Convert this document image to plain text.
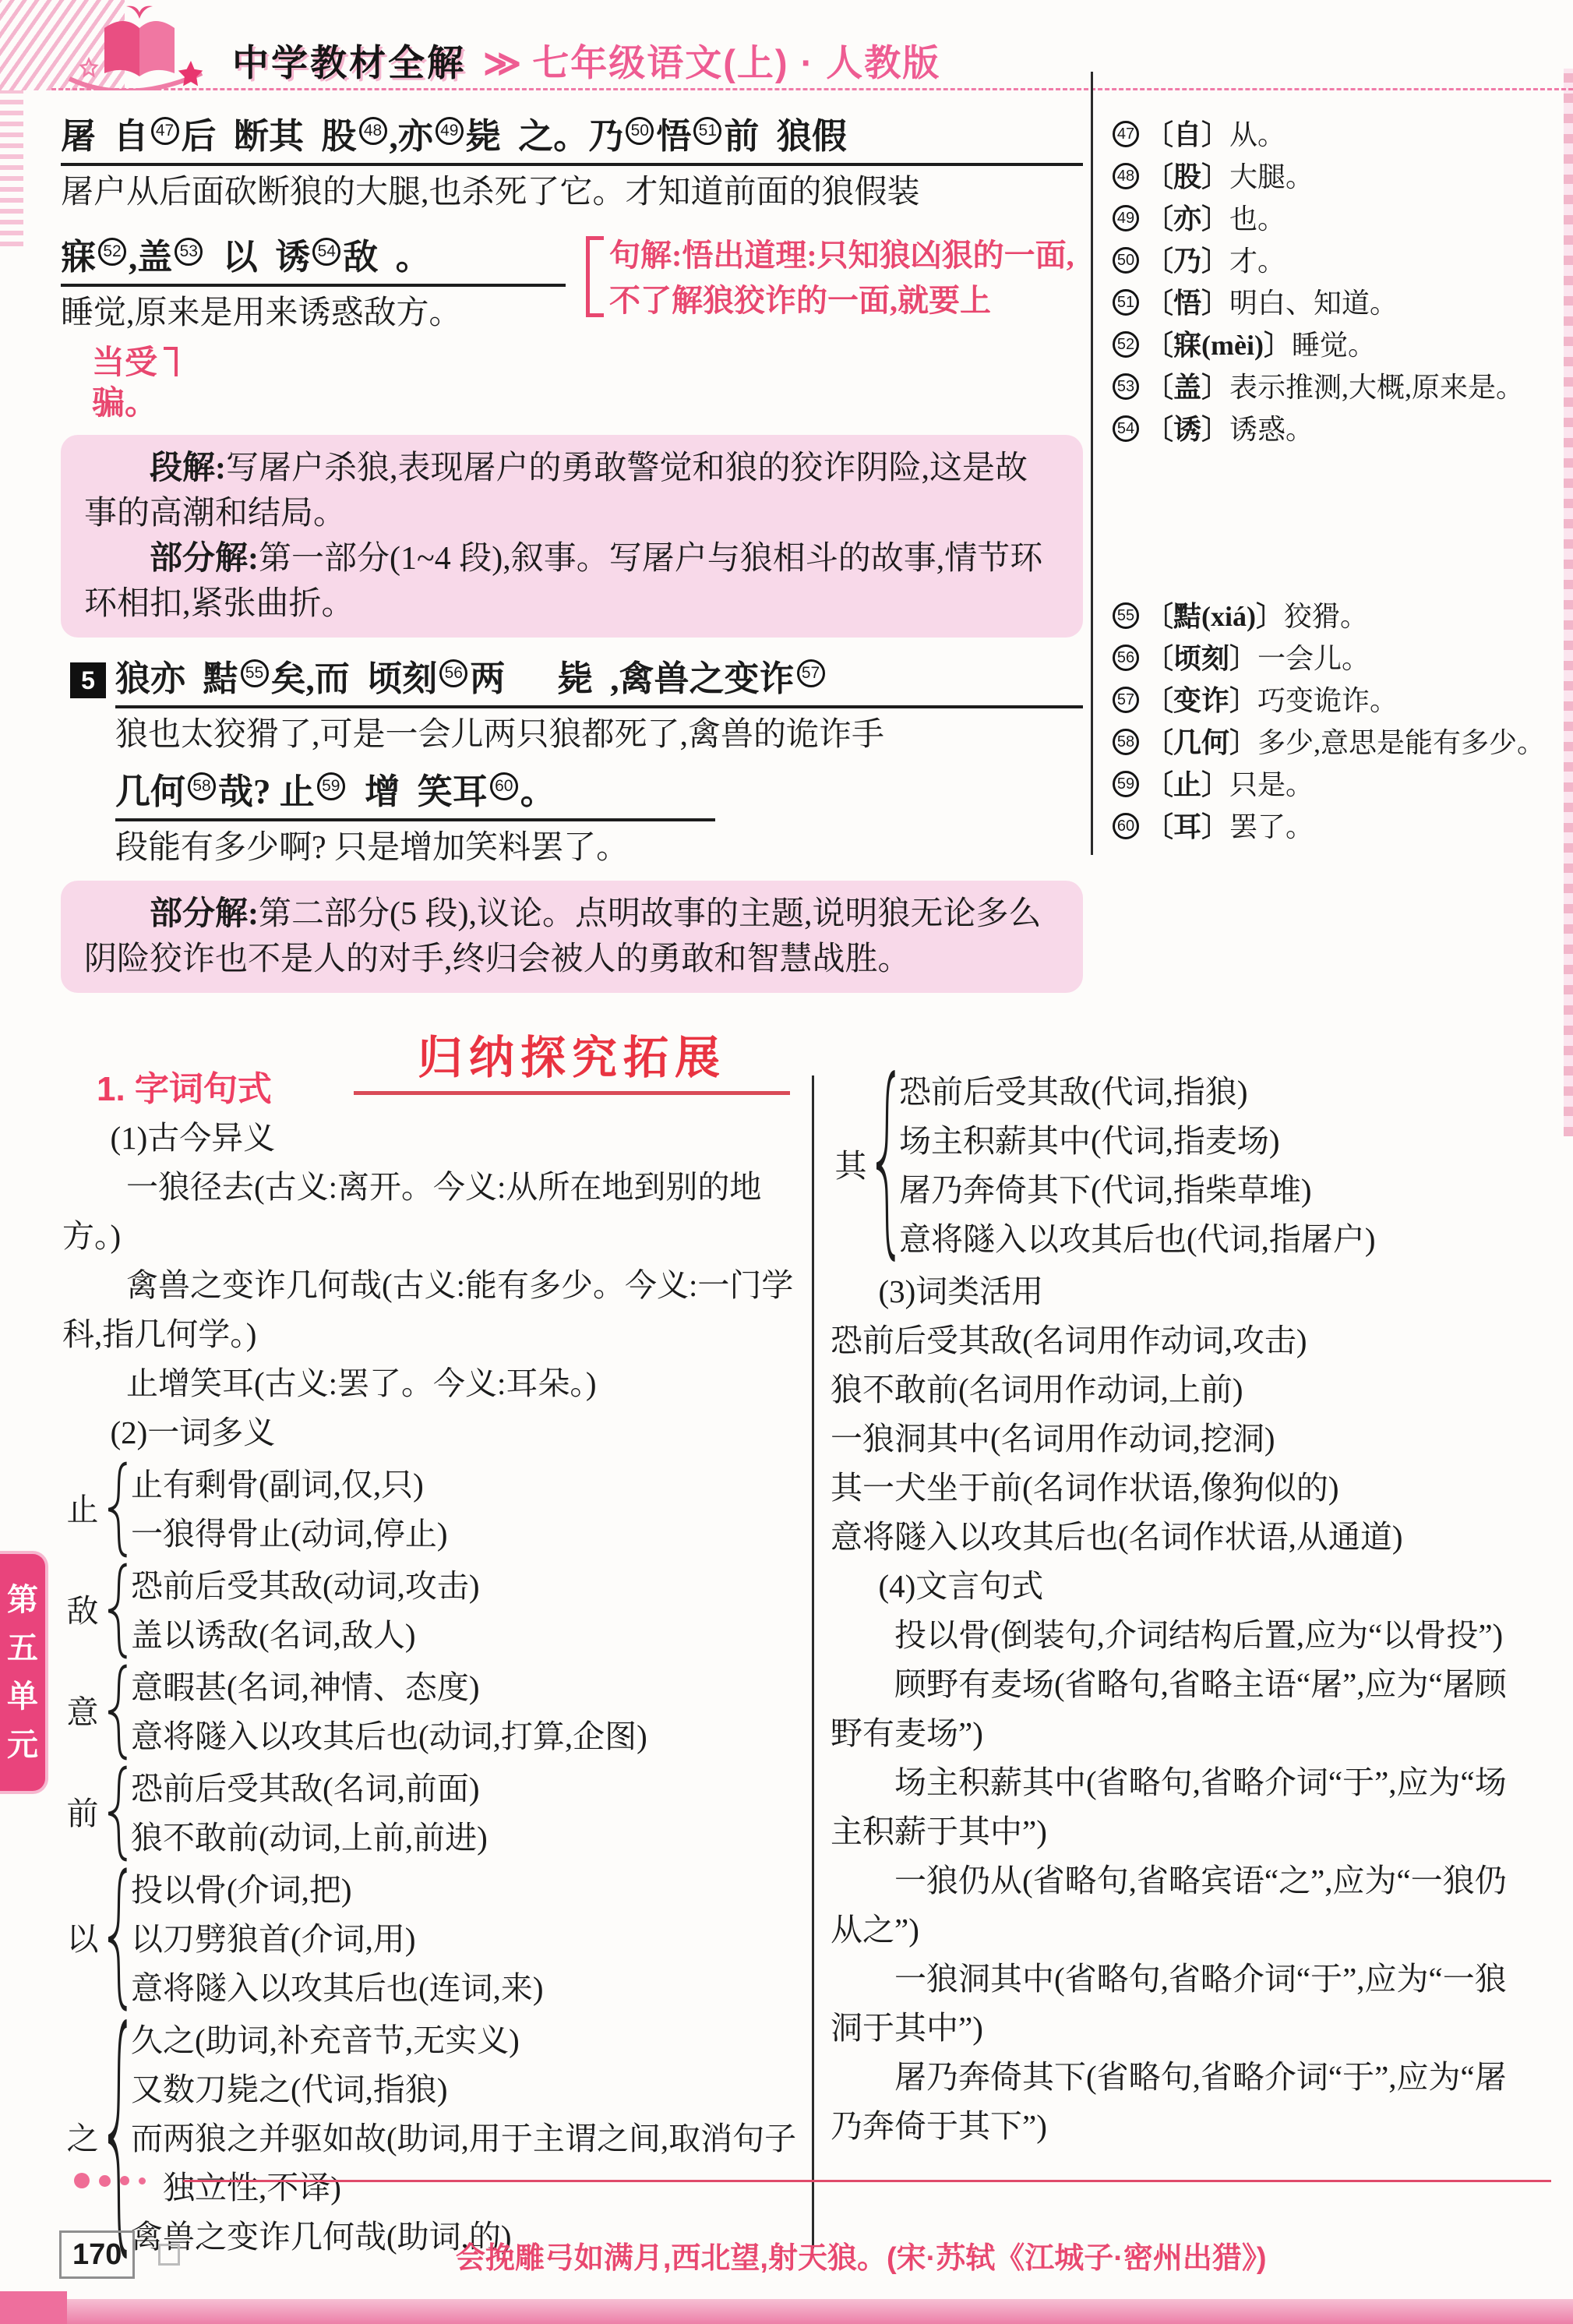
中学教材全解 ≫ 七年级语文(上) · 人教版
屠  自 47 后  断其  股 48 ,亦 49 毙  之。乃 50 悟 51 前  狼假
屠户从后面砍断狼的大腿,也杀死了它。才知道前面的狼假装
寐 52 ,盖 53  以  诱 54 敌  。
睡觉,原来是用来诱惑敌方。
句解:悟出道理:只知狼凶狠的一面,不了解狼狡诈的一面,就要上
当受
骗。

段解:写屠户杀狼,表现屠户的勇敢警觉和狼的狡诈阴险,这是故事的高潮和结局。

部分解:第一部分(1~4 段),叙事。写屠户与狼相斗的故事,情节环环相扣,紧张曲折。

5 狼亦  黠 55 矣,而  顷刻 56 两      毙  ,禽兽之变诈 57
狼也太狡猾了,可是一会儿两只狼都死了,禽兽的诡诈手
几何 58 哉? 止 59  增  笑耳 60 。
段能有多少啊? 只是增加笑料罢了。

部分解:第二部分(5 段),议论。点明故事的主题,说明狼无论多么阴险狡诈也不是人的对手,终归会被人的勇敢和智慧战胜。

归纳探究拓展
47 〔自〕从。
48 〔股〕大腿。
49 〔亦〕也。
50 〔乃〕才。
51 〔悟〕明白、知道。
52 〔寐(mèi)〕睡觉。
53 〔盖〕表示推测,大概,原来是。
54 〔诱〕诱惑。
55 〔黠(xiá)〕狡猾。
56 〔顷刻〕一会儿。
57 〔变诈〕巧变诡诈。
58 〔几何〕多少,意思是能有多少。
59 〔止〕只是。
60 〔耳〕罢了。
1. 字词句式

(1)古今异义

一狼径去(古义:离开。今义:从所在地到别的地方。)

禽兽之变诈几何哉(古义:能有多少。今义:一门学科,指几何学。)

止增笑耳(古义:罢了。今义:耳朵。)

(2)一词多义

止
止有剩骨(副词,仅,只)
一狼得骨止(动词,停止)
敌
恐前后受其敌(动词,攻击)
盖以诱敌(名词,敌人)
意
意暇甚(名词,神情、态度)
意将隧入以攻其后也(动词,打算,企图)
前
恐前后受其敌(名词,前面)
狼不敢前(动词,上前,前进)
以
投以骨(介词,把)
以刀劈狼首(介词,用)
意将隧入以攻其后也(连词,来)
之
久之(助词,补充音节,无实义)
又数刀毙之(代词,指狼)
而两狼之并驱如故(助词,用于主谓之间,取消句子独立性,不译)
禽兽之变诈几何哉(助词,的)
其
恐前后受其敌(代词,指狼)
场主积薪其中(代词,指麦场)
屠乃奔倚其下(代词,指柴草堆)
意将隧入以攻其后也(代词,指屠户)

(3)词类活用

恐前后受其敌(名词用作动词,攻击)

狼不敢前(名词用作动词,上前)

一狼洞其中(名词用作动词,挖洞)

其一犬坐于前(名词作状语,像狗似的)

意将隧入以攻其后也(名词作状语,从通道)

(4)文言句式

投以骨(倒装句,介词结构后置,应为“以骨投”)

顾野有麦场(省略句,省略主语“屠”,应为“屠顾野有麦场”)

场主积薪其中(省略句,省略介词“于”,应为“场主积薪于其中”)

一狼仍从(省略句,省略宾语“之”,应为“一狼仍从之”)

一狼洞其中(省略句,省略介词“于”,应为“一狼洞于其中”)

屠乃奔倚其下(省略句,省略介词“于”,应为“屠乃奔倚于其下”)

第五单元
170	会挽雕弓如满月,西北望,射天狼。(宋·苏轼《江城子·密州出猎》)
